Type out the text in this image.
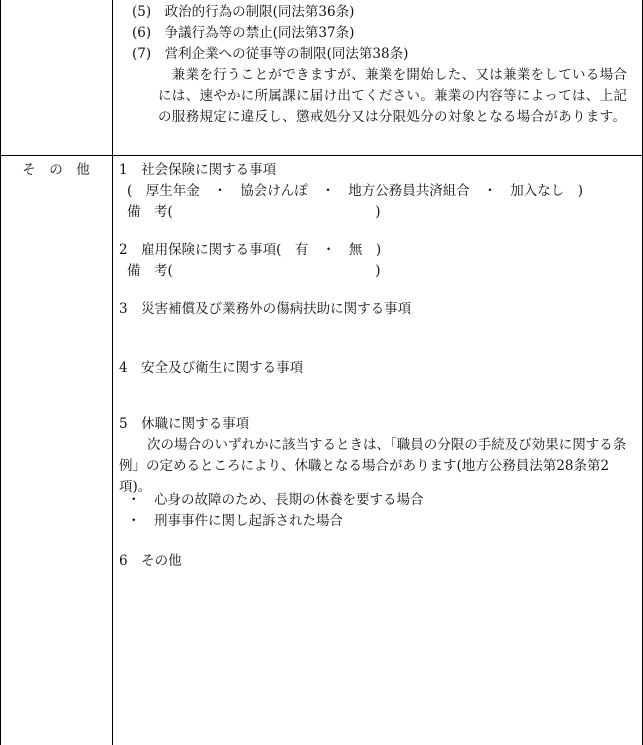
(5)　政治的行為の制限(同法第36条)
(6)　争議行為等の禁止(同法第37条)
(7)　営利企業への従事等の制限(同法第38条)
　兼業を行うことができますが、兼業を開始した、又は兼業をしている場合には、速やかに所属課に届け出てください。兼業の内容等によっては、上記の服務規定に違反し、懲戒処分又は分限処分の対象となる場合があります。
そ　の　他	1　社会保険に関する事項
(　厚生年金　・　協会けんぽ　・　地方公務員共済組合　・　加入なし　)
備　考(　　　　　　　　　　　　　　　)
2　雇用保険に関する事項(　有　・　無　)
備　考(　　　　　　　　　　　　　　　)
3　災害補償及び業務外の傷病扶助に関する事項
4　安全及び衛生に関する事項
5　休職に関する事項
次の場合のいずれかに該当するときは、「職員の分限の手続及び効果に関する条例」の定めるところにより、休職となる場合があります(地方公務員法第28条第2項)。
・　心身の故障のため、長期の休養を要する場合
・　刑事事件に関し起訴された場合
6　その他
